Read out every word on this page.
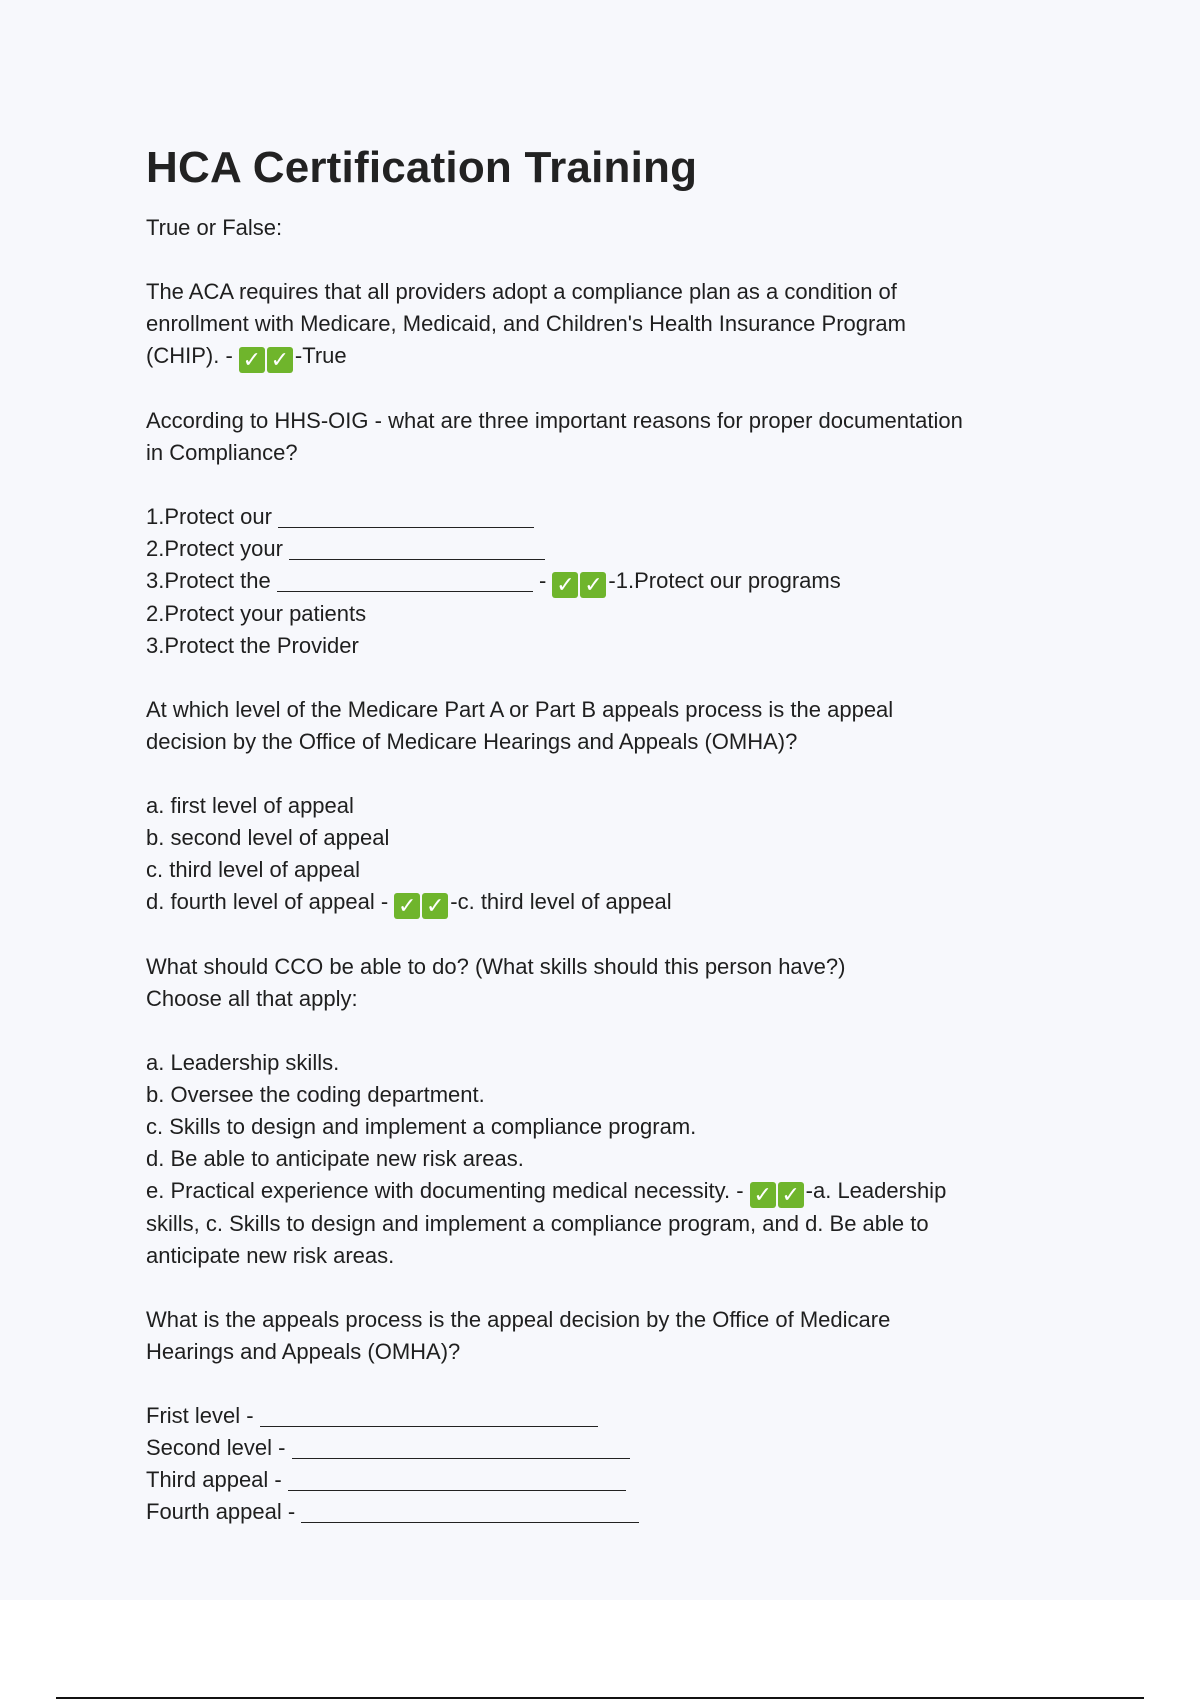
HCA Certification Training
True or False:
The ACA requires that all providers adopt a compliance plan as a condition of
enrollment with Medicare, Medicaid, and Children's Health Insurance Program
(CHIP). - ✓ ✓ -True
According to HHS-OIG - what are three important reasons for proper documentation
in Compliance?
1.Protect our
2.Protect your
3.Protect the	- ✓ ✓ -1.Protect our programs
2.Protect your patients
3.Protect the Provider
At which level of the Medicare Part A or Part B appeals process is the appeal
decision by the Office of Medicare Hearings and Appeals (OMHA)?
a. first level of appeal
b. second level of appeal
c. third level of appeal
d. fourth level of appeal - ✓ ✓ -c. third level of appeal
What should CCO be able to do? (What skills should this person have?)
Choose all that apply:
a. Leadership skills.
b. Oversee the coding department.
c. Skills to design and implement a compliance program.
d. Be able to anticipate new risk areas.
e. Practical experience with documenting medical necessity. - ✓ ✓ -a. Leadership
skills, c. Skills to design and implement a compliance program, and d. Be able to
anticipate new risk areas.
What is the appeals process is the appeal decision by the Office of Medicare
Hearings and Appeals (OMHA)?
Frist level -
Second level -
Third appeal -
Fourth appeal -
